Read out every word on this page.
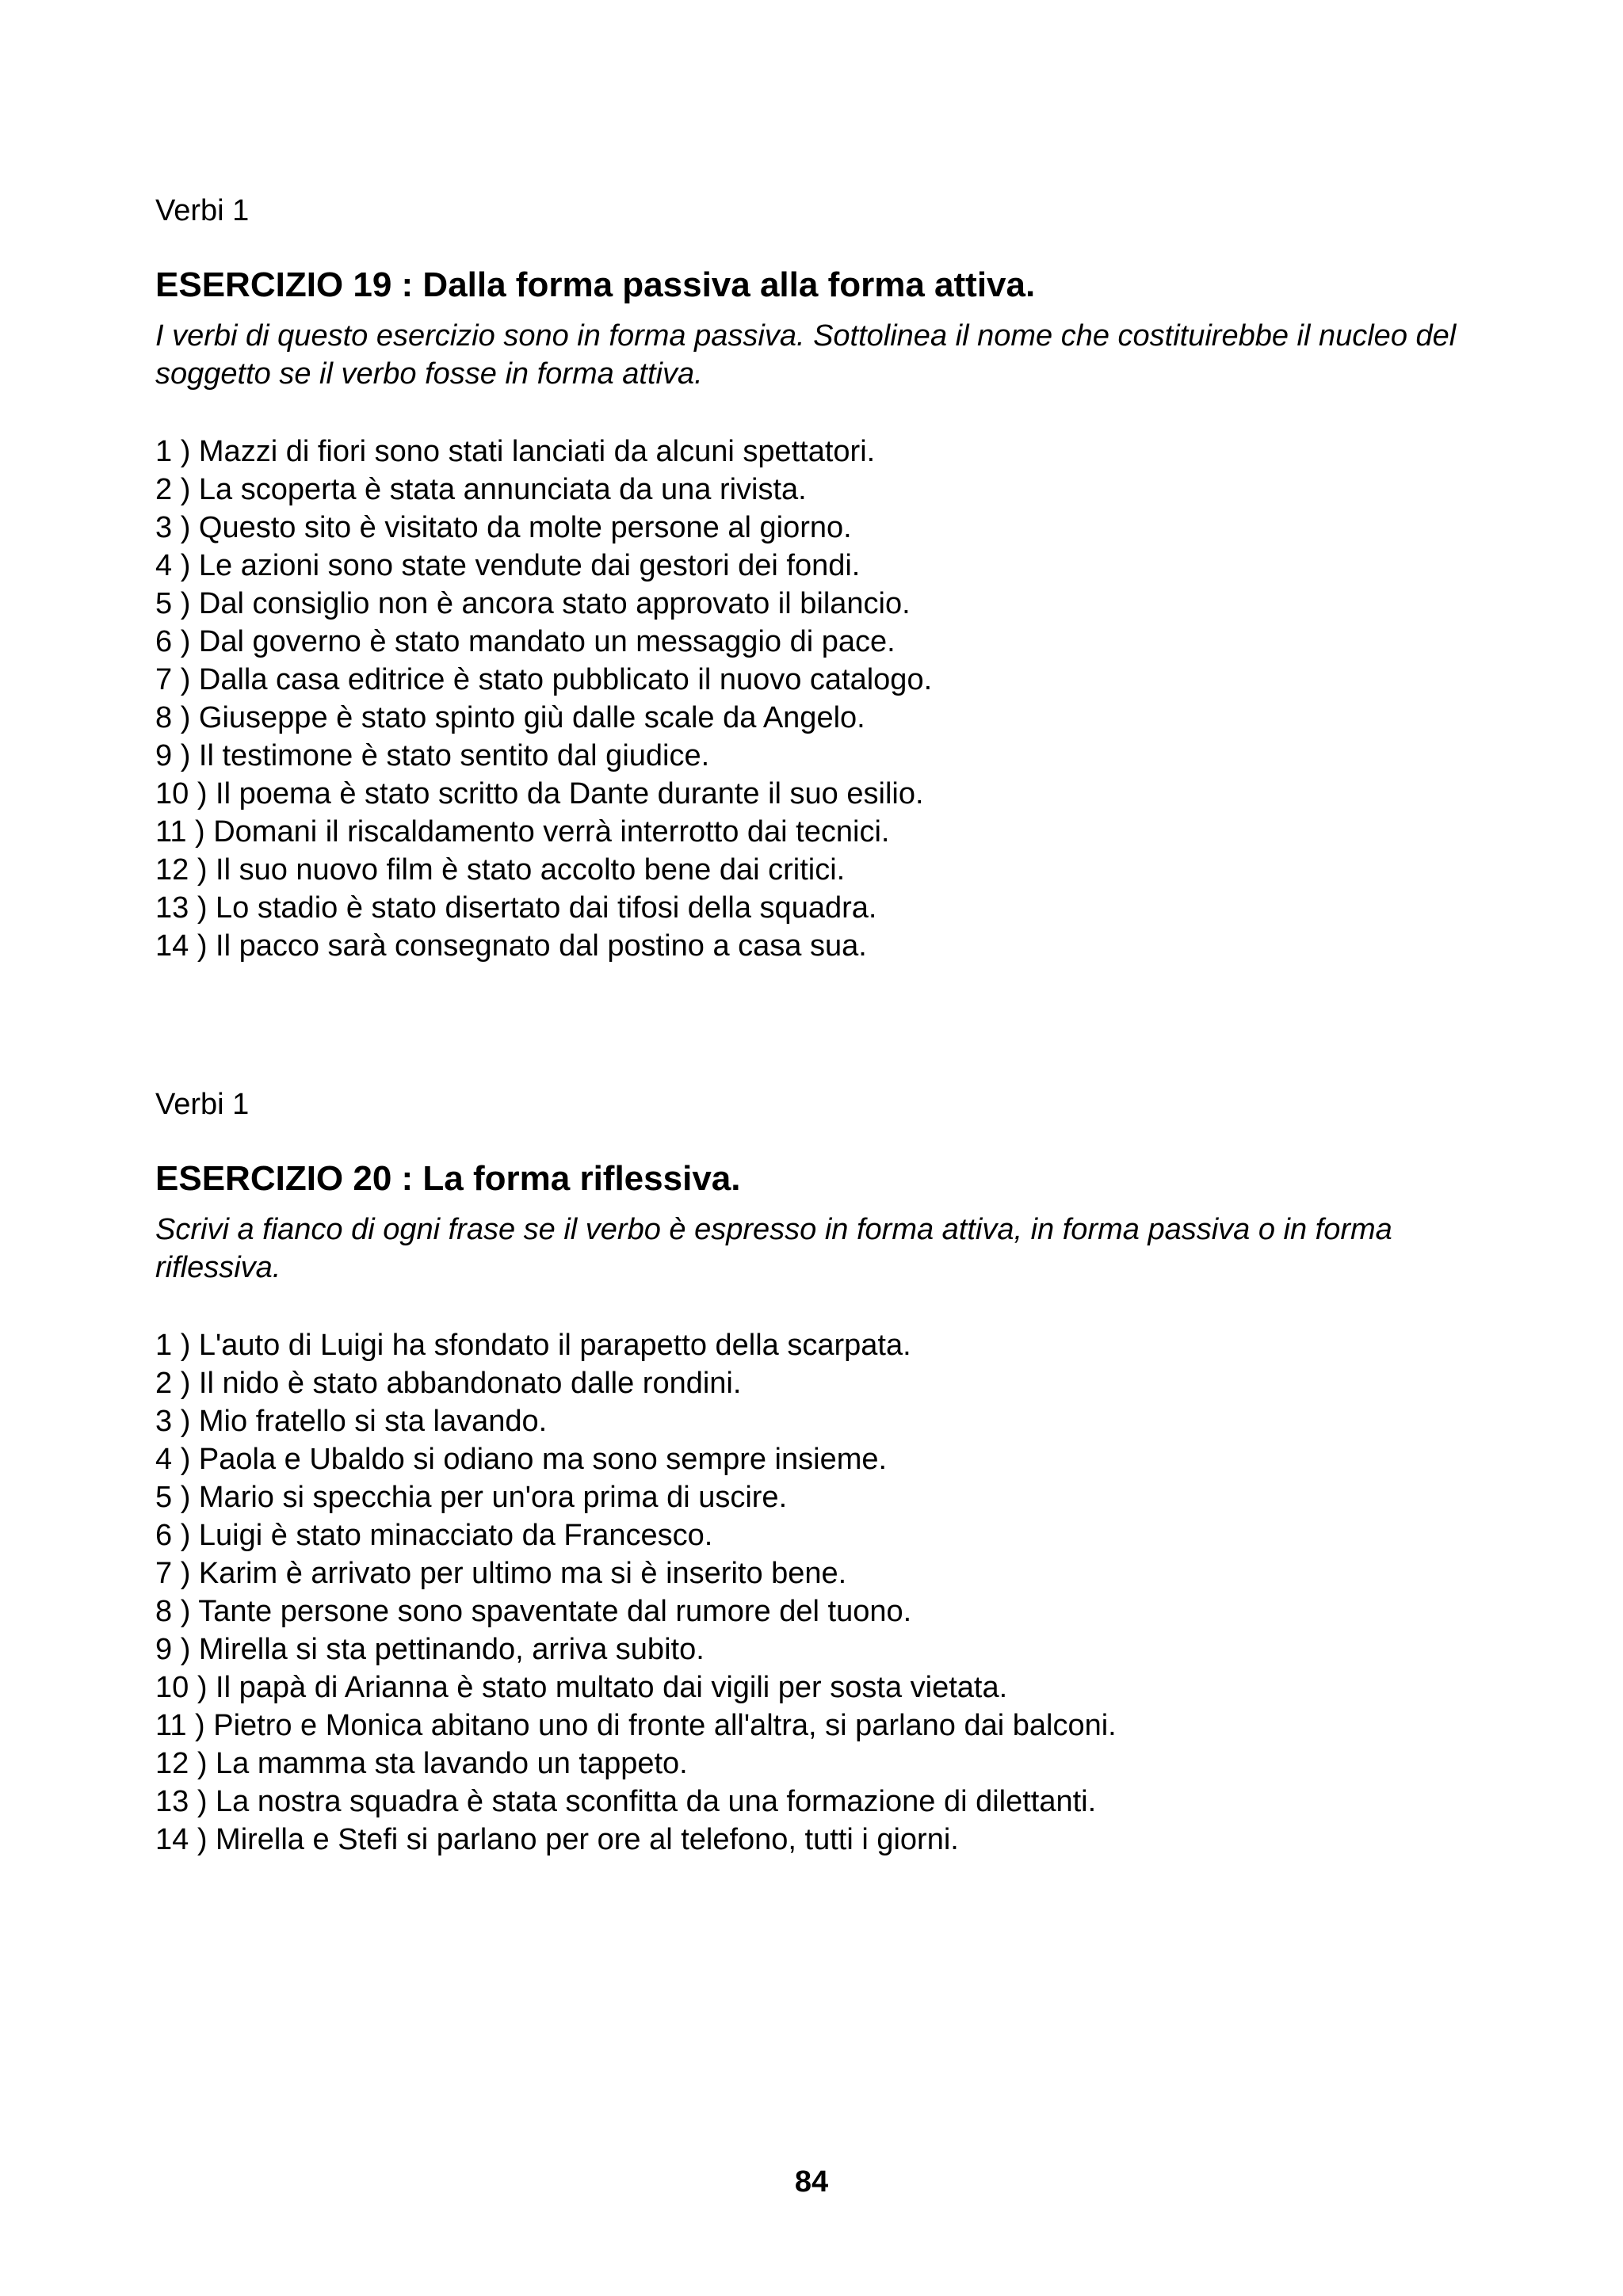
Verbi 1

ESERCIZIO 19 : Dalla forma passiva alla forma attiva.

I verbi di questo esercizio sono in forma passiva. Sottolinea il nome che costituirebbe il nucleo del soggetto se il verbo fosse in forma attiva.

1 ) Mazzi di fiori sono stati lanciati da alcuni spettatori.
2 ) La scoperta è stata annunciata da una rivista.
3 ) Questo sito è visitato da molte persone al giorno.
4 ) Le azioni sono state vendute dai gestori dei fondi.
5 ) Dal consiglio non è ancora stato approvato il bilancio.
6 ) Dal governo è stato mandato un messaggio di pace.
7 ) Dalla casa editrice è stato pubblicato il nuovo catalogo.
8 ) Giuseppe è stato spinto giù dalle scale da Angelo.
9 ) Il testimone è stato sentito dal giudice.
10 ) Il poema è stato scritto da Dante durante il suo esilio.
11 ) Domani il riscaldamento verrà interrotto dai tecnici.
12 ) Il suo nuovo film è stato accolto bene dai critici.
13 ) Lo stadio è stato disertato dai tifosi della squadra.
14 ) Il pacco sarà consegnato dal postino a casa sua.

Verbi 1

ESERCIZIO 20 : La forma riflessiva.

Scrivi a fianco di ogni frase se il verbo è espresso in forma attiva, in forma passiva o in forma riflessiva.

1 ) L'auto di Luigi ha sfondato il parapetto della scarpata.
2 ) Il nido è stato abbandonato dalle rondini.
3 ) Mio fratello si sta lavando.
4 ) Paola e Ubaldo si odiano ma sono sempre insieme.
5 ) Mario si specchia per un'ora prima di uscire.
6 ) Luigi è stato minacciato da Francesco.
7 ) Karim è arrivato per ultimo ma si è inserito bene.
8 ) Tante persone sono spaventate dal rumore del tuono.
9 ) Mirella si sta pettinando, arriva subito.
10 ) Il papà di Arianna è stato multato dai vigili per sosta vietata.
11 ) Pietro e Monica abitano uno di fronte all'altra, si parlano dai balconi.
12 ) La mamma sta lavando un tappeto.
13 ) La nostra squadra è stata sconfitta da una formazione di dilettanti.
14 ) Mirella e Stefi si parlano per ore al telefono, tutti i giorni.
84
